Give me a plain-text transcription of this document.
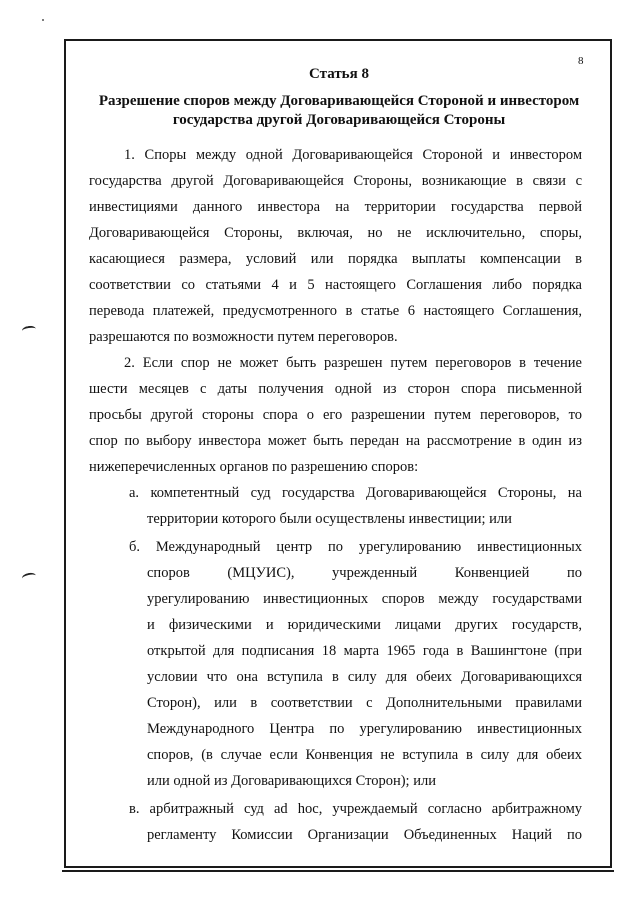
8
Статья 8
Разрешение споров между Договаривающейся Стороной и инвестором
государства другой Договаривающейся Стороны

1. Споры между одной Договаривающейся Стороной и инвестором

государства другой Договаривающейся Стороны, возникающие в связи с

инвестициями данного инвестора на территории государства первой

Договаривающейся Стороны, включая, но не исключительно, споры,

касающиеся размера, условий или порядка выплаты компенсации в

соответствии со статьями 4 и 5 настоящего Соглашения либо порядка

перевода платежей, предусмотренного в статье 6 настоящего Соглашения,

разрешаются по возможности путем переговоров.

2. Если спор не может быть разрешен путем переговоров в течение

шести месяцев с даты получения одной из сторон спора письменной

просьбы другой стороны спора о его разрешении путем переговоров, то

спор по выбору инвестора может быть передан на рассмотрение в один из

нижеперечисленных органов по разрешению споров:

а. компетентный суд государства Договаривающейся Стороны, на

территории которого были осуществлены инвестиции; или

б. Международный центр по урегулированию инвестиционных

споров (МЦУИС), учрежденный Конвенцией по

урегулированию инвестиционных споров между государствами

и физическими и юридическими лицами других государств,

открытой для подписания 18 марта 1965 года в Вашингтоне (при

условии что она вступила в силу для обеих Договаривающихся

Сторон), или в соответствии с Дополнительными правилами

Международного Центра по урегулированию инвестиционных

споров, (в случае если Конвенция не вступила в силу для обеих

или одной из Договаривающихся Сторон); или

в. арбитражный суд ad hoc, учреждаемый согласно арбитражному

регламенту Комиссии Организации Объединенных Наций по
